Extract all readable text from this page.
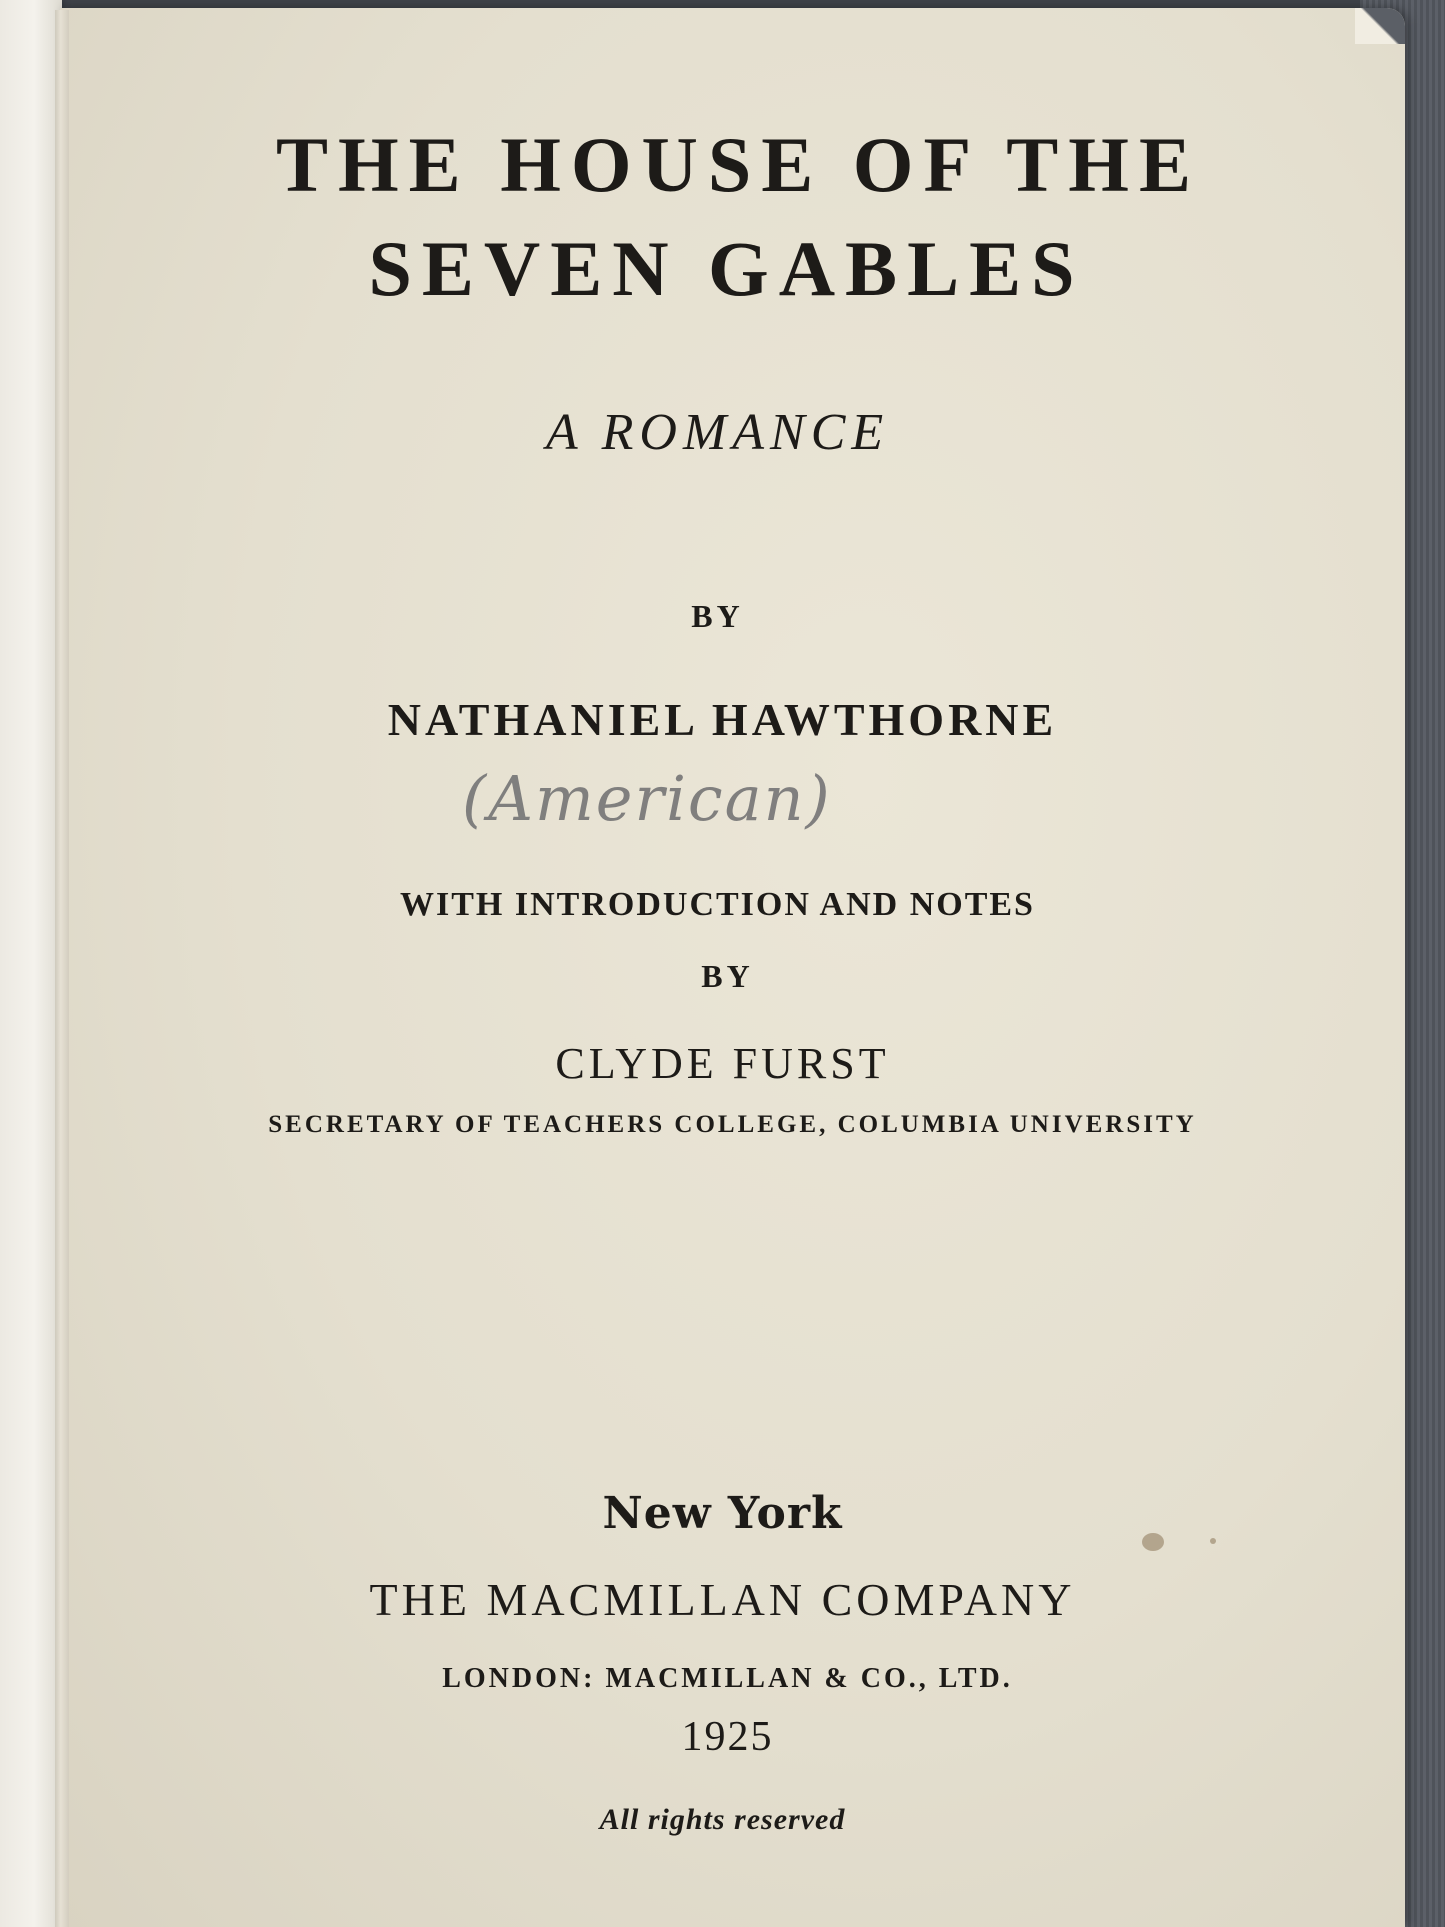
THE HOUSE OF THE
SEVEN GABLES
A ROMANCE
BY
NATHANIEL HAWTHORNE
(American)
WITH INTRODUCTION AND NOTES
BY
CLYDE FURST
SECRETARY OF TEACHERS COLLEGE, COLUMBIA UNIVERSITY
New York
THE MACMILLAN COMPANY
LONDON: MACMILLAN & CO., LTD.
1925
All rights reserved
